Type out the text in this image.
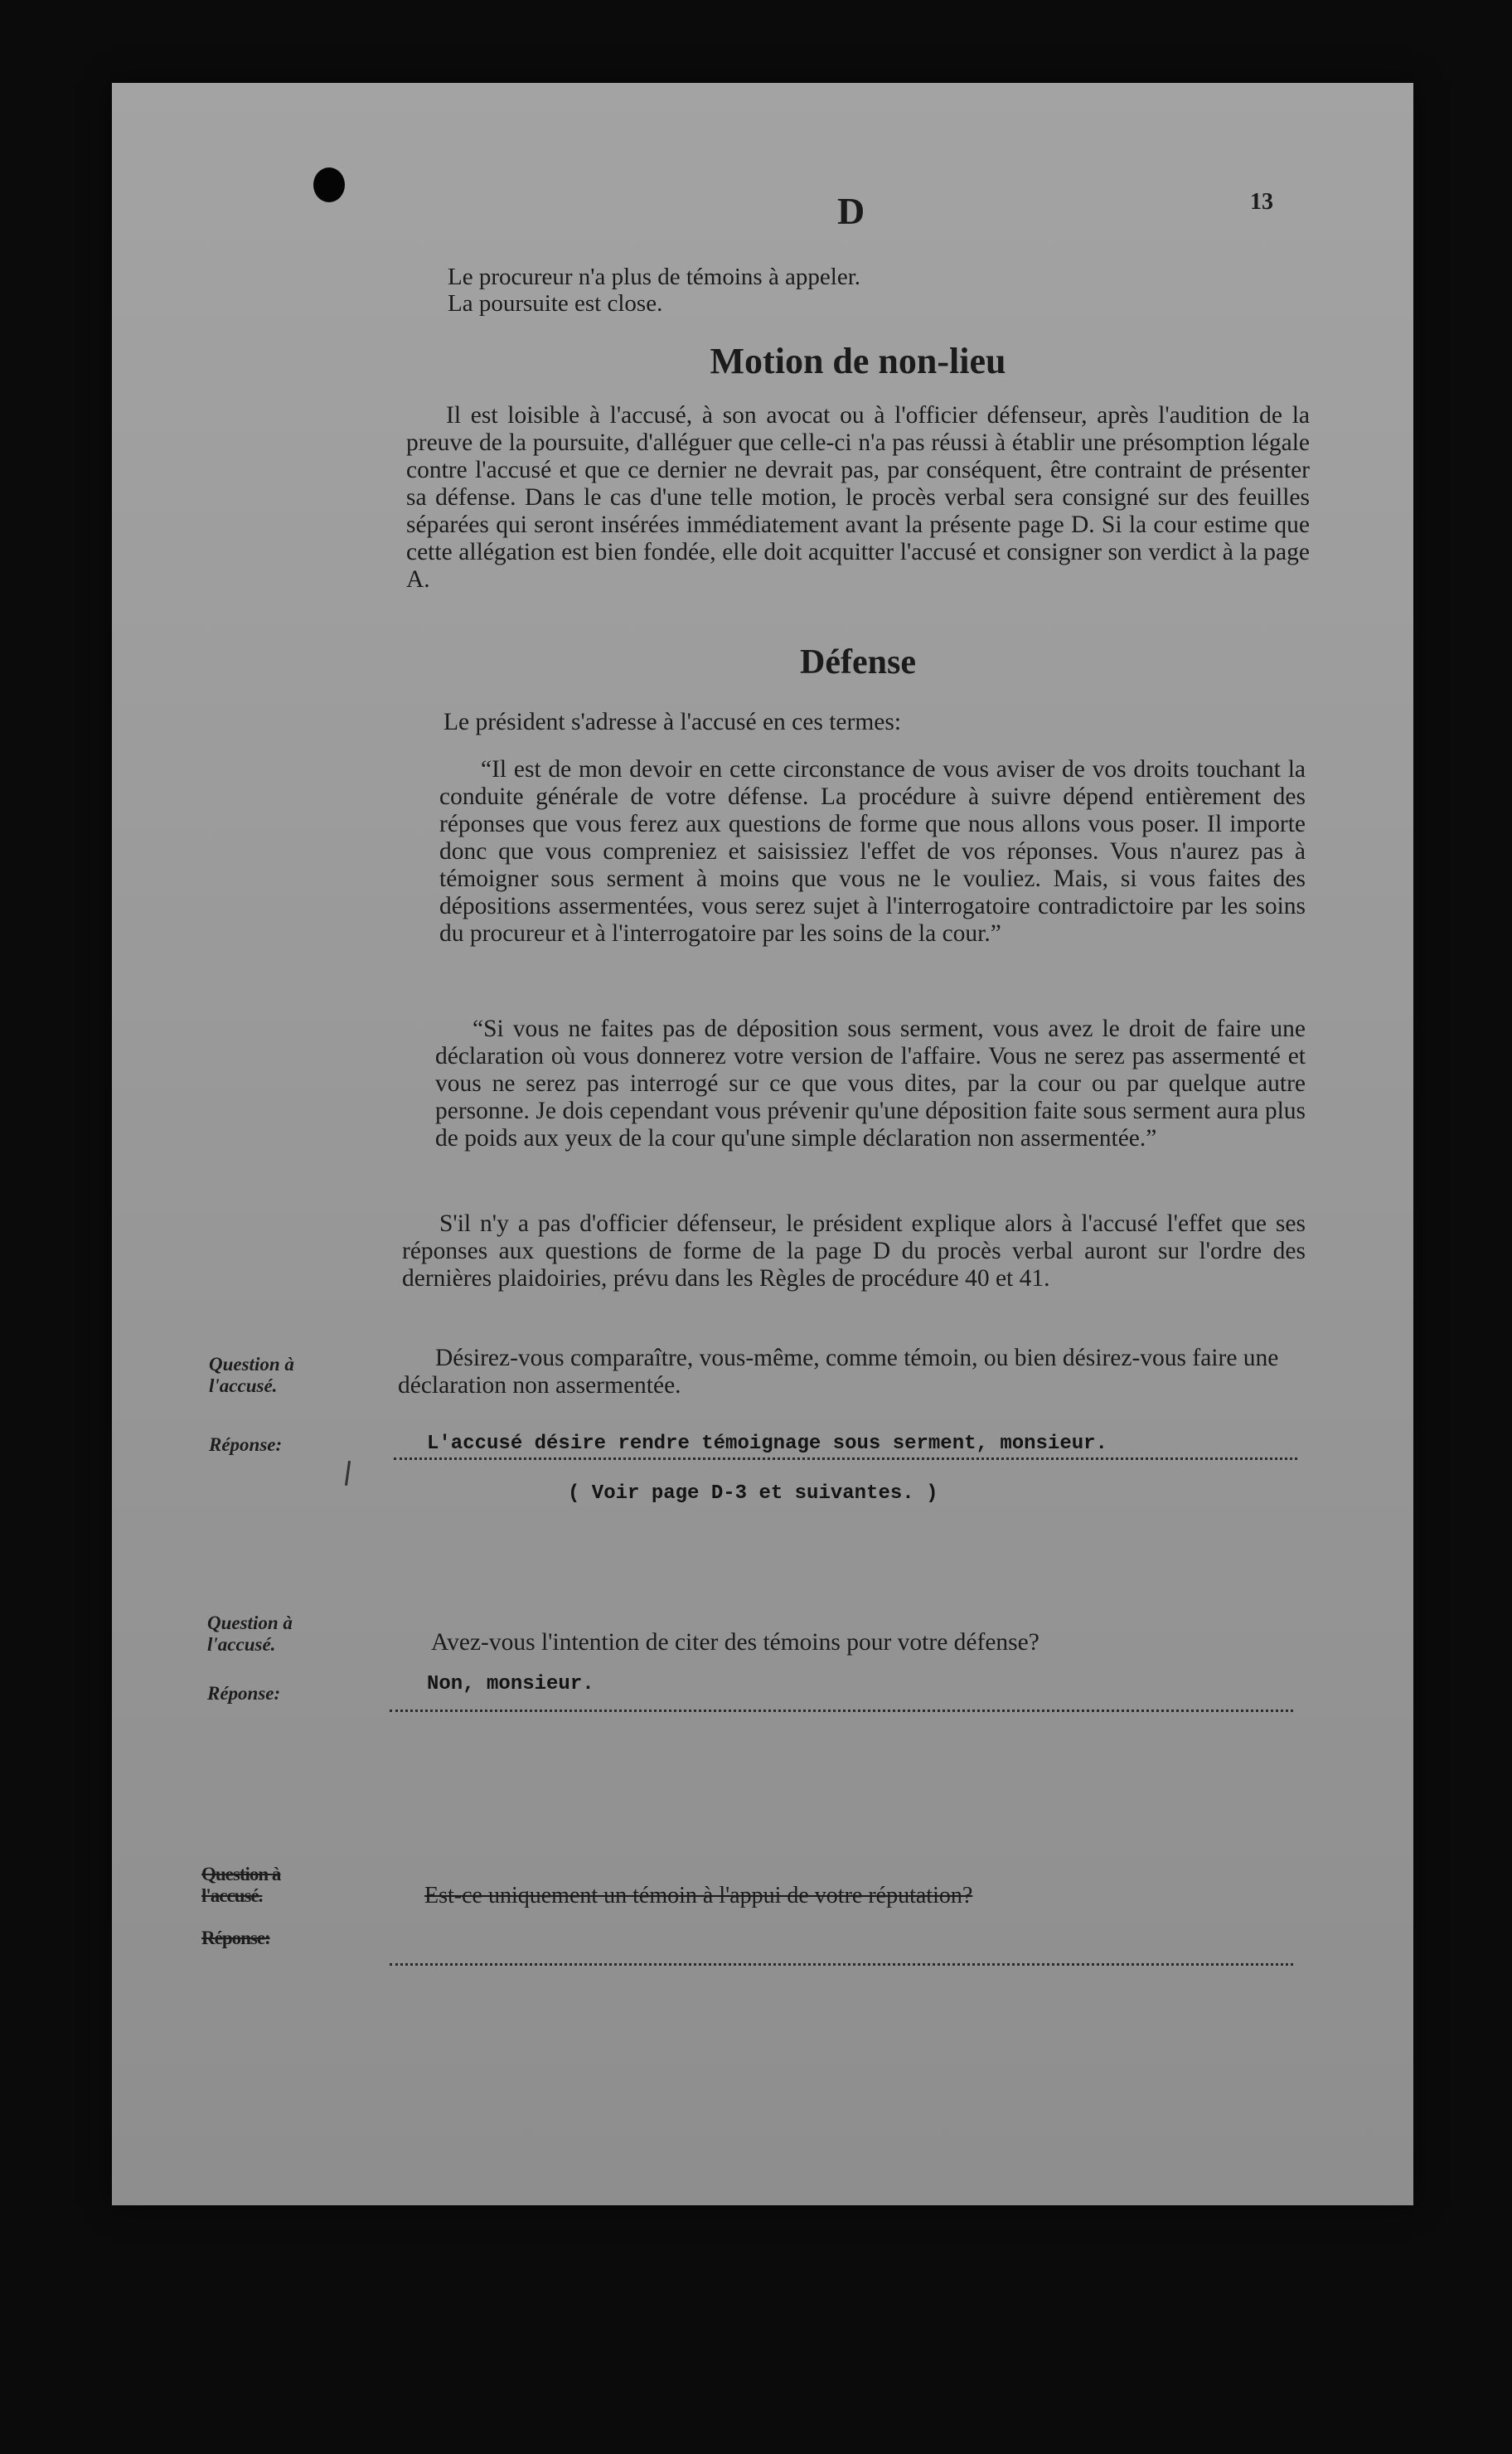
D	13
Le procureur n'a plus de témoins à appeler.
La poursuite est close.
Motion de non-lieu
Il est loisible à l'accusé, à son avocat ou à l'officier défenseur, après l'audition de la preuve de la poursuite, d'alléguer que celle-ci n'a pas réussi à établir une présomption légale contre l'accusé et que ce dernier ne devrait pas, par conséquent, être contraint de présenter sa défense. Dans le cas d'une telle motion, le procès verbal sera consigné sur des feuilles séparées qui seront insérées immédiatement avant la présente page D. Si la cour estime que cette allégation est bien fondée, elle doit acquitter l'accusé et consigner son verdict à la page A.
Défense
Le président s'adresse à l'accusé en ces termes:
“Il est de mon devoir en cette circonstance de vous aviser de vos droits touchant la conduite générale de votre défense. La procédure à suivre dépend entièrement des réponses que vous ferez aux questions de forme que nous allons vous poser. Il importe donc que vous compreniez et saisissiez l'effet de vos réponses. Vous n'aurez pas à témoigner sous serment à moins que vous ne le vouliez. Mais, si vous faites des dépositions assermentées, vous serez sujet à l'interrogatoire contradictoire par les soins du procureur et à l'interrogatoire par les soins de la cour.”
“Si vous ne faites pas de déposition sous serment, vous avez le droit de faire une déclaration où vous donnerez votre version de l'affaire. Vous ne serez pas assermenté et vous ne serez pas interrogé sur ce que vous dites, par la cour ou par quelque autre personne. Je dois cependant vous prévenir qu'une déposition faite sous serment aura plus de poids aux yeux de la cour qu'une simple déclaration non assermentée.”
S'il n'y a pas d'officier défenseur, le président explique alors à l'accusé l'effet que ses réponses aux questions de forme de la page D du procès verbal auront sur l'ordre des dernières plaidoiries, prévu dans les Règles de procédure 40 et 41.
Question à l'accusé.
Réponse:
Désirez-vous comparaître, vous-même, comme témoin, ou bien désirez-vous faire une déclaration non assermentée.
L'accusé désire rendre témoignage sous serment, monsieur.
( Voir page D-3 et suivantes. )
Question à l'accusé.
Réponse:
Avez-vous l'intention de citer des témoins pour votre défense?
Non, monsieur.
Question à l'accusé.
Réponse:
Est-ce uniquement un témoin à l'appui de votre réputation?
